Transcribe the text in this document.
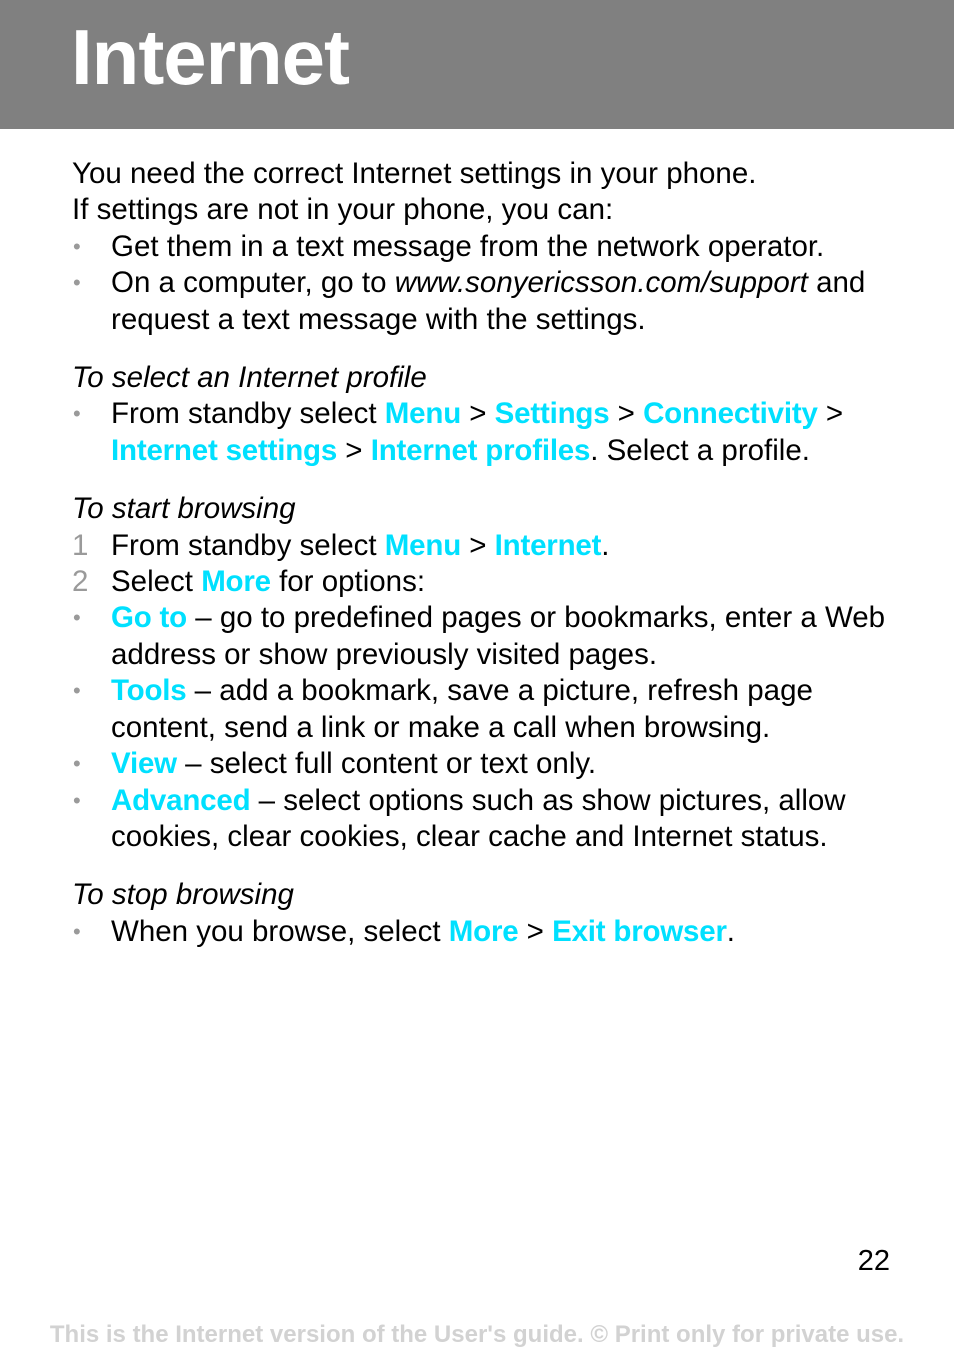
Internet

You need the correct Internet settings in your phone.

If settings are not in your phone, you can:

• Get them in a text message from the network operator.
• On a computer, go to www.sonyericsson.com/support and request a text message with the settings.
To select an Internet profile
• From standby select Menu > Settings > Connectivity > Internet settings > Internet profiles. Select a profile.
To start browsing
1 From standby select Menu > Internet.
2 Select More for options:
• Go to – go to predefined pages or bookmarks, enter a Web address or show previously visited pages.
• Tools – add a bookmark, save a picture, refresh page content, send a link or make a call when browsing.
• View – select full content or text only.
• Advanced – select options such as show pictures, allow cookies, clear cookies, clear cache and Internet status.
To stop browsing
• When you browse, select More > Exit browser.
22
This is the Internet version of the User's guide. © Print only for private use.
